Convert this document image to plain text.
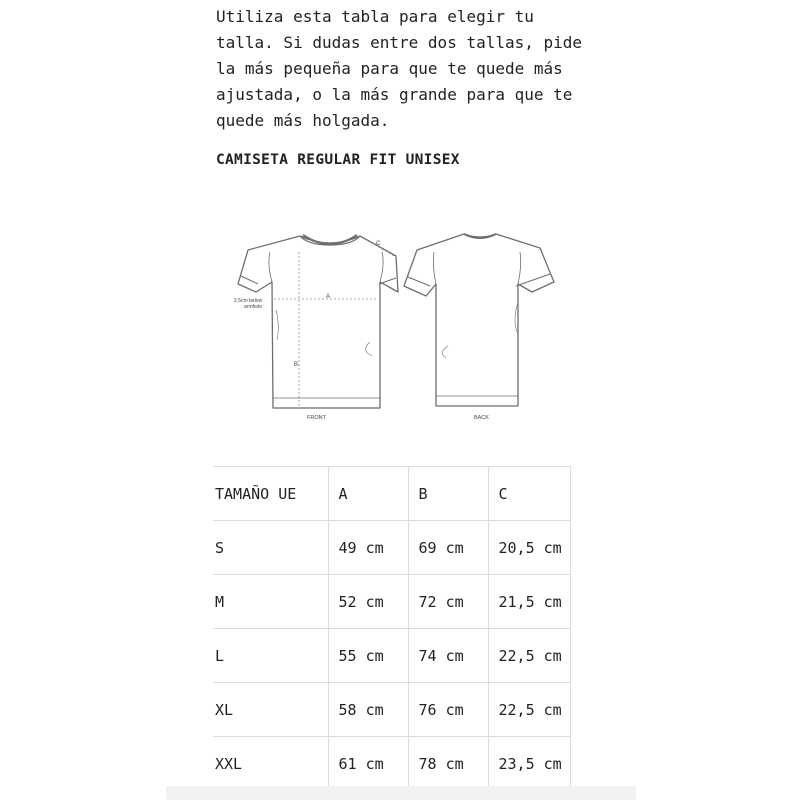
Utiliza esta tabla para elegir tu
talla. Si dudas entre dos tallas, pide
la más pequeña para que te quede más
ajustada, o la más grande para que te
quede más holgada.

CAMISETA REGULAR FIT UNISEX
A
B
C
2.5cm below
armhole
FRONT	BACK
TAMAÑO UE	A	B	C
S	49 cm	69 cm	20,5 cm
M	52 cm	72 cm	21,5 cm
L	55 cm	74 cm	22,5 cm
XL	58 cm	76 cm	22,5 cm
XXL	61 cm	78 cm	23,5 cm
